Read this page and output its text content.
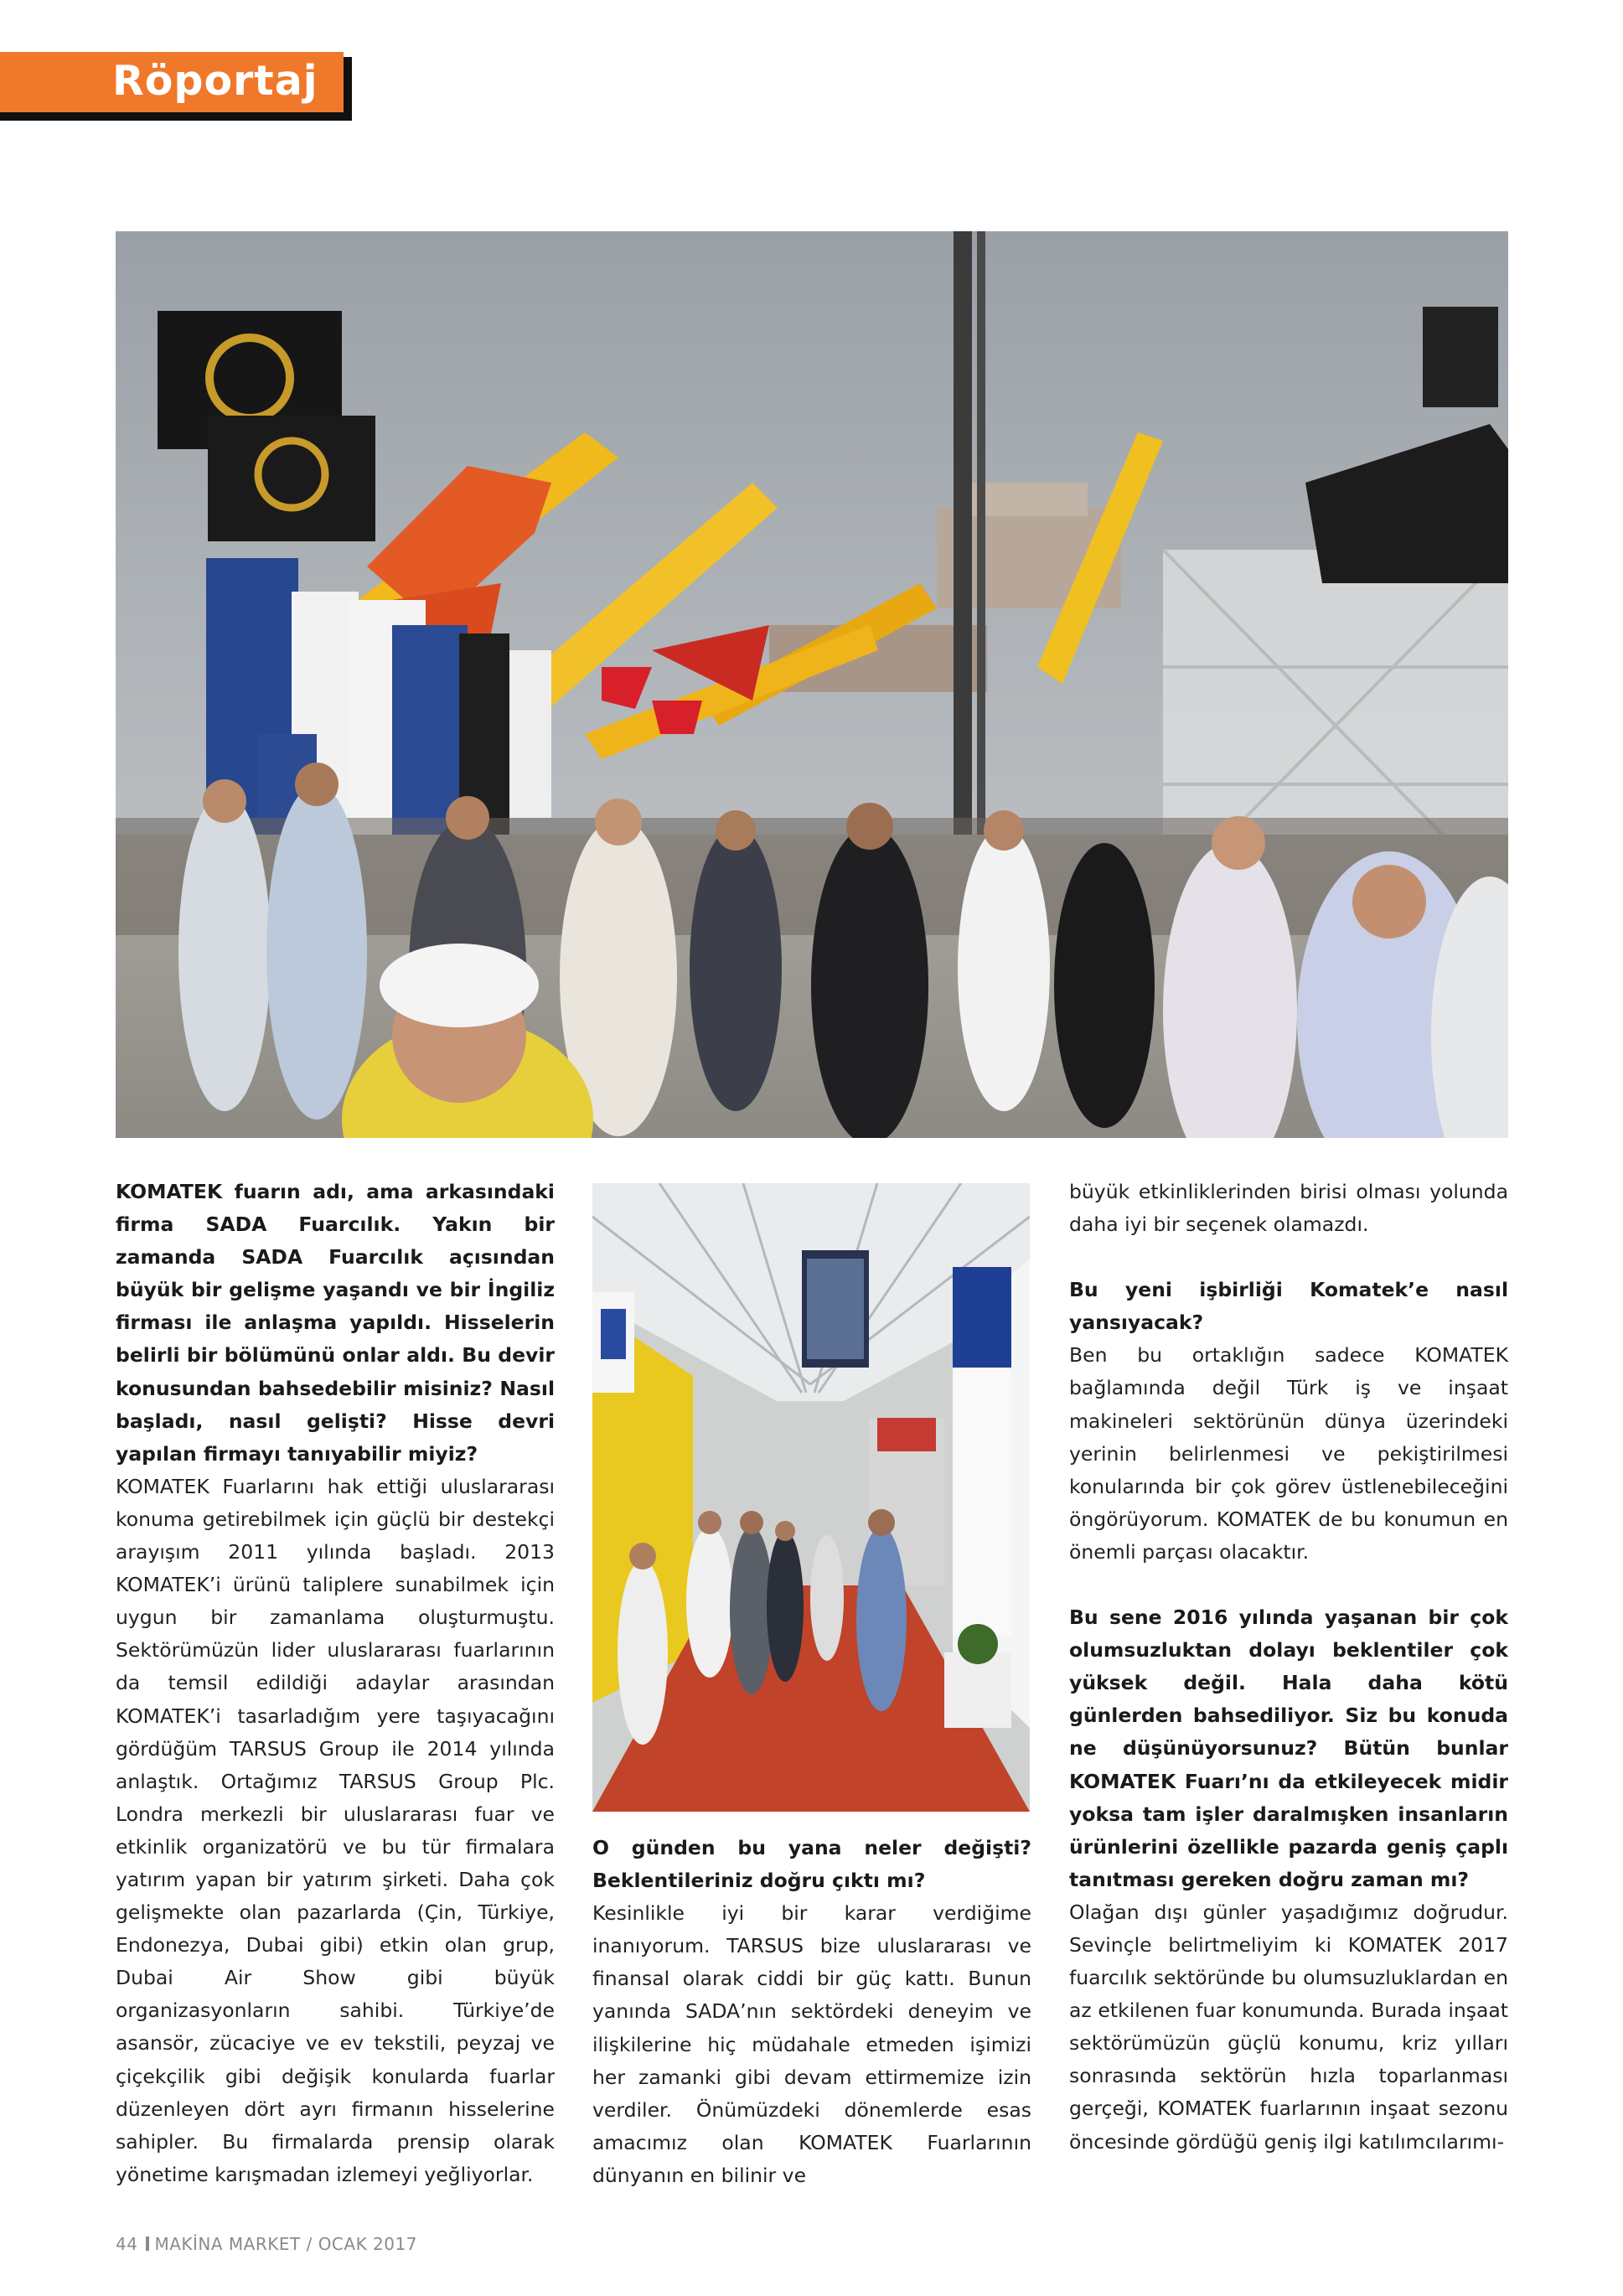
Röportaj

KOMATEK fuarın adı, ama arkasındaki firma SADA Fuarcılık. Yakın bir zamanda SADA Fuarcılık açısından büyük bir gelişme yaşandı ve bir İngiliz firması ile anlaşma yapıldı. Hisselerin belirli bir bölümünü onlar aldı. Bu devir konusundan bahsedebilir misiniz? Nasıl başladı, nasıl gelişti? Hisse devri yapılan firmayı tanıyabilir miyiz?

KOMATEK Fuarlarını hak ettiği uluslararası konuma getirebilmek için güçlü bir destekçi arayışım 2011 yılında başladı. 2013 KOMATEK’i ürünü taliplere sunabilmek için uygun bir zamanlama oluşturmuştu. Sektörümüzün lider uluslararası fuarlarının da temsil edildiği adaylar arasından KOMATEK’i tasarladığım yere taşıyacağını gördüğüm TARSUS Group ile 2014 yılında anlaştık. Ortağımız TARSUS Group Plc. Londra merkezli bir uluslararası fuar ve etkinlik organizatörü ve bu tür firmalara yatırım yapan bir yatırım şirketi. Daha çok gelişmekte olan pazarlarda (Çin, Türkiye, Endonezya, Dubai gibi) etkin olan grup, Dubai Air Show gibi büyük organizasyonların sahibi. Türkiye’de asansör, zücaciye ve ev tekstili, peyzaj ve çiçekçilik gibi değişik konularda fuarlar düzenleyen dört ayrı firmanın hisselerine sahipler. Bu firmalarda prensip olarak yönetime karışmadan izlemeyi yeğliyorlar.

O günden bu yana neler değişti? Beklentileriniz doğru çıktı mı?

Kesinlikle iyi bir karar verdiğime inanıyorum. TARSUS bize uluslararası ve finansal olarak ciddi bir güç kattı. Bunun yanında SADA’nın sektördeki deneyim ve ilişkilerine hiç müdahale etmeden işimizi her zamanki gibi devam ettirmemize izin verdiler. Önümüzdeki dönemlerde esas amacımız olan KOMATEK Fuarlarının dünyanın en bilinir ve

büyük etkinliklerinden birisi olması yolunda daha iyi bir seçenek olamazdı.

Bu yeni işbirliği Komatek’e nasıl yansıyacak?

Ben bu ortaklığın sadece KOMATEK bağlamında değil Türk iş ve inşaat makineleri sektörünün dünya üzerindeki yerinin belirlenmesi ve pekiştirilmesi konularında bir çok görev üstlenebileceğini öngörüyorum. KOMATEK de bu konumun en önemli parçası olacaktır.

Bu sene 2016 yılında yaşanan bir çok olumsuzluktan dolayı beklentiler çok yüksek değil. Hala daha kötü günlerden bahsediliyor. Siz bu konuda ne düşünüyorsunuz? Bütün bunlar KOMATEK Fuarı’nı da etkileyecek midir yoksa tam işler daralmışken insanların ürünlerini özellikle pazarda geniş çaplı tanıtması gereken doğru zaman mı?

Olağan dışı günler yaşadığımız doğrudur. Sevinçle belirtmeliyim ki KOMATEK 2017 fuarcılık sektöründe bu olumsuzluklardan en az etkilenen fuar konumunda. Burada inşaat sektörümüzün güçlü konumu, kriz yılları sonrasında sektörün hızla toparlanması gerçeği, KOMATEK fuarlarının inşaat sezonu öncesinde gördüğü geniş ilgi katılımcılarımı-

44 MAKİNA MARKET / OCAK 2017
